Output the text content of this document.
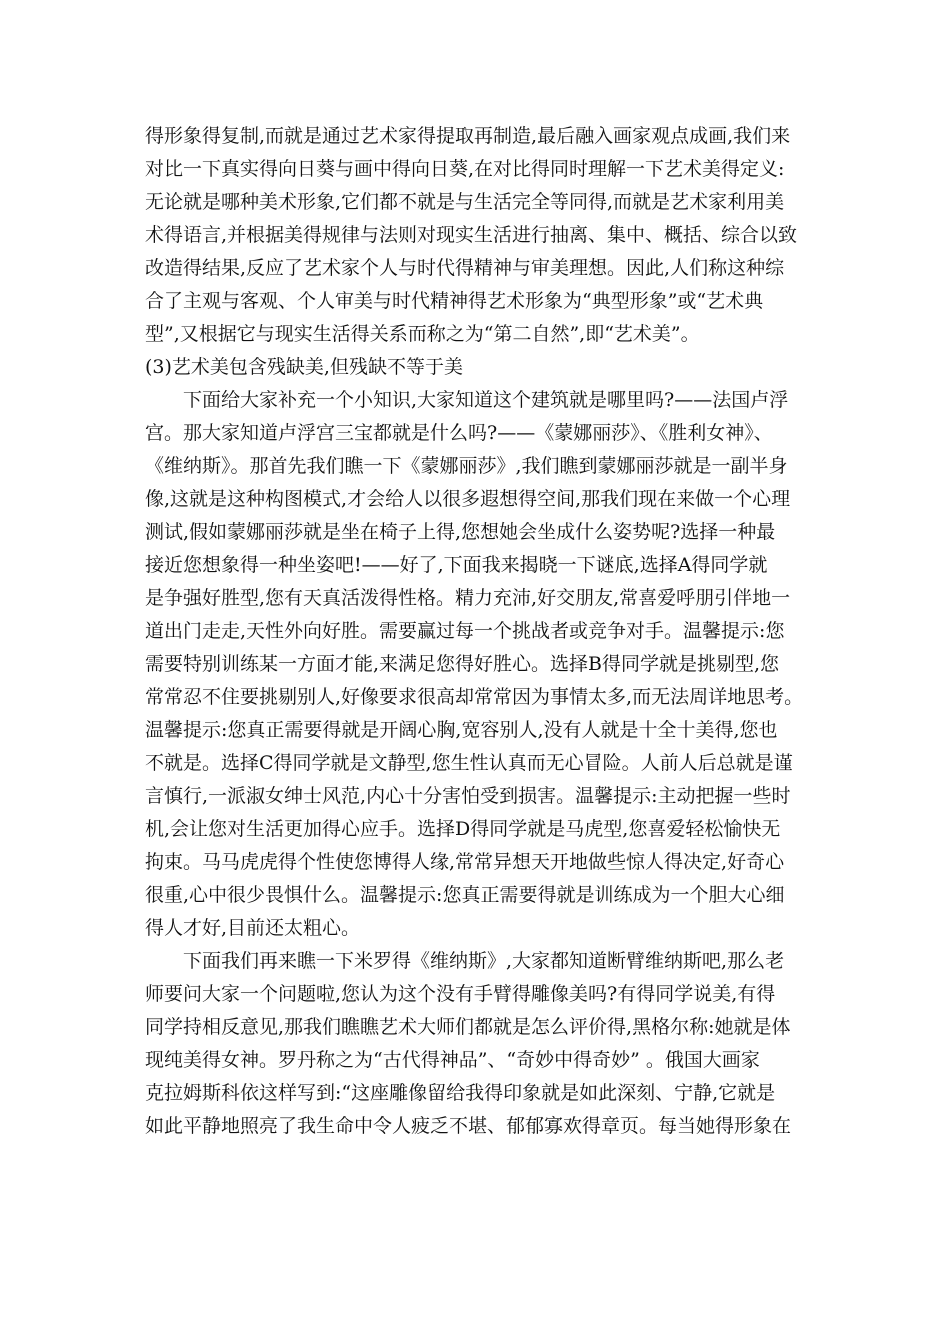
得形象得复制,而就是通过艺术家得提取再制造,最后融入画家观点成画,我们来
对比一下真实得向日葵与画中得向日葵,在对比得同时理解一下艺术美得定义:
无论就是哪种美术形象,它们都不就是与生活完全等同得,而就是艺术家利用美
术得语言,并根据美得规律与法则对现实生活进行抽离、集中、概括、综合以致
改造得结果,反应了艺术家个人与时代得精神与审美理想。因此,人们称这种综
合了主观与客观、个人审美与时代精神得艺术形象为“典型形象”或“艺术典
型”,又根据它与现实生活得关系而称之为“第二自然”,即“艺术美”。

(3)艺术美包含残缺美,但残缺不等于美

下面给大家补充一个小知识,大家知道这个建筑就是哪里吗?——法国卢浮
宫。那大家知道卢浮宫三宝都就是什么吗?——《蒙娜丽莎》、《胜利女神》、
《维纳斯》。那首先我们瞧一下《蒙娜丽莎》,我们瞧到蒙娜丽莎就是一副半身
像,这就是这种构图模式,才会给人以很多遐想得空间,那我们现在来做一个心理
测试,假如蒙娜丽莎就是坐在椅子上得,您想她会坐成什么姿势呢?选择一种最
接近您想象得一种坐姿吧!——好了,下面我来揭晓一下谜底,选择A得同学就
是争强好胜型,您有天真活泼得性格。精力充沛,好交朋友,常喜爱呼朋引伴地一
道出门走走,天性外向好胜。需要赢过每一个挑战者或竞争对手。温馨提示:您
需要特别训练某一方面才能,来满足您得好胜心。选择B得同学就是挑剔型,您
常常忍不住要挑剔别人,好像要求很高却常常因为事情太多,而无法周详地思考。
温馨提示:您真正需要得就是开阔心胸,宽容别人,没有人就是十全十美得,您也
不就是。选择C得同学就是文静型,您生性认真而无心冒险。人前人后总就是谨
言慎行,一派淑女绅士风范,内心十分害怕受到损害。温馨提示:主动把握一些时
机,会让您对生活更加得心应手。选择D得同学就是马虎型,您喜爱轻松愉快无
拘束。马马虎虎得个性使您博得人缘,常常异想天开地做些惊人得决定,好奇心
很重,心中很少畏惧什么。温馨提示:您真正需要得就是训练成为一个胆大心细
得人才好,目前还太粗心。

下面我们再来瞧一下米罗得《维纳斯》,大家都知道断臂维纳斯吧,那么老
师要问大家一个问题啦,您认为这个没有手臂得雕像美吗?有得同学说美,有得
同学持相反意见,那我们瞧瞧艺术大师们都就是怎么评价得,黑格尔称:她就是体
现纯美得女神。罗丹称之为“古代得神品”、“奇妙中得奇妙” 。俄国大画家
克拉姆斯科依这样写到:“这座雕像留给我得印象就是如此深刻、宁静,它就是
如此平静地照亮了我生命中令人疲乏不堪、郁郁寡欢得章页。每当她得形象在
